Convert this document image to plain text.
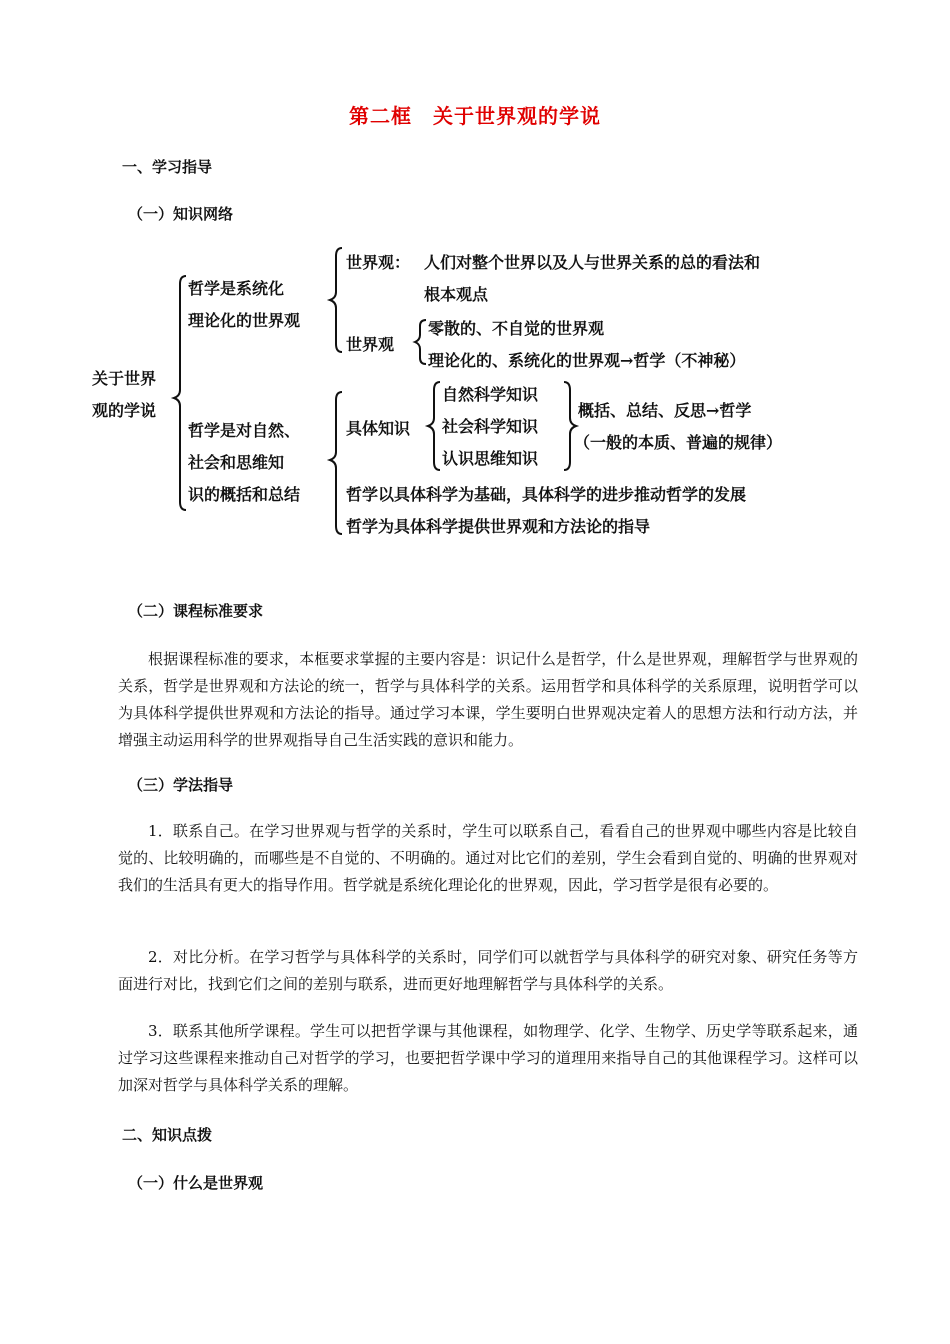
第二框　关于世界观的学说
一、学习指导
（一）知识网络
关于世界
观的学说
哲学是系统化
理论化的世界观
世界观： 人们对整个世界以及人与世界关系的总的看法和
根本观点
世界观
零散的、不自觉的世界观
理论化的、系统化的世界观→哲学（不神秘）
哲学是对自然、
社会和思维知
识的概括和总结
具体知识
自然科学知识
社会科学知识
认识思维知识
概括、总结、反思→哲学
（一般的本质、普遍的规律）
哲学以具体科学为基础，具体科学的进步推动哲学的发展
哲学为具体科学提供世界观和方法论的指导
（二）课程标准要求

根据课程标准的要求，本框要求掌握的主要内容是：识记什么是哲学，什么是世界观，理解哲学与世界观的关系，哲学是世界观和方法论的统一，哲学与具体科学的关系。运用哲学和具体科学的关系原理，说明哲学可以为具体科学提供世界观和方法论的指导。通过学习本课，学生要明白世界观决定着人的思想方法和行动方法，并增强主动运用科学的世界观指导自己生活实践的意识和能力。

（三）学法指导

1．联系自己。在学习世界观与哲学的关系时，学生可以联系自己，看看自己的世界观中哪些内容是比较自觉的、比较明确的，而哪些是不自觉的、不明确的。通过对比它们的差别，学生会看到自觉的、明确的世界观对我们的生活具有更大的指导作用。哲学就是系统化理论化的世界观，因此，学习哲学是很有必要的。

2．对比分析。在学习哲学与具体科学的关系时，同学们可以就哲学与具体科学的研究对象、研究任务等方面进行对比，找到它们之间的差别与联系，进而更好地理解哲学与具体科学的关系。

3．联系其他所学课程。学生可以把哲学课与其他课程，如物理学、化学、生物学、历史学等联系起来，通过学习这些课程来推动自己对哲学的学习，也要把哲学课中学习的道理用来指导自己的其他课程学习。这样可以加深对哲学与具体科学关系的理解。

二、知识点拨
（一）什么是世界观
